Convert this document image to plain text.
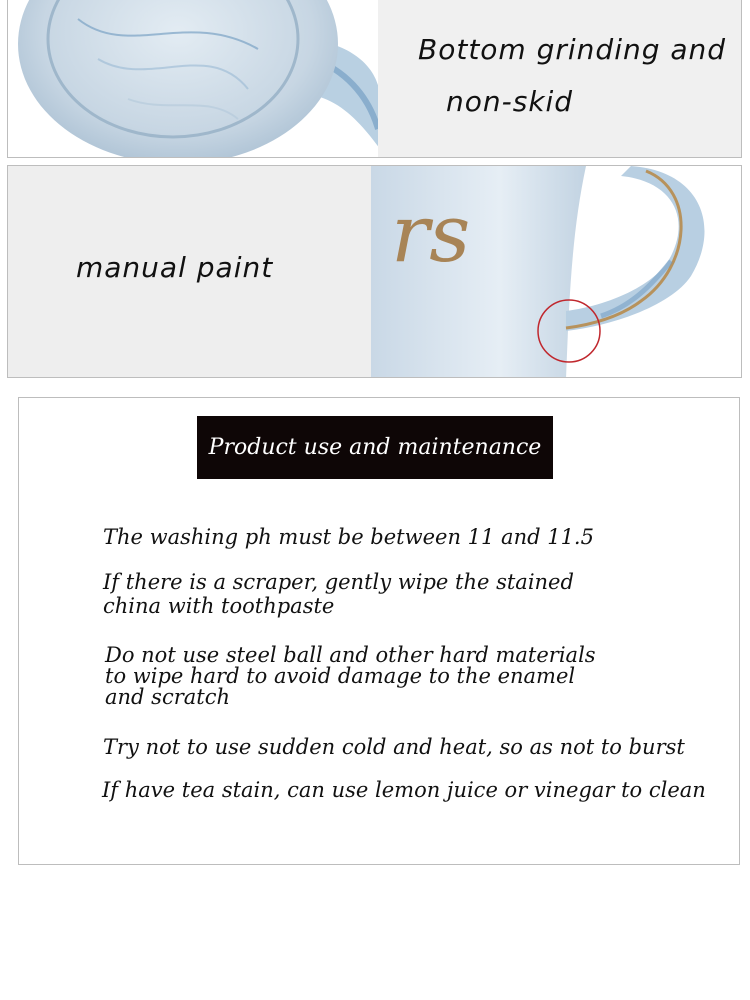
Bottom grinding and
non-skid
manual paint rs
Product use and maintenance
The washing ph must be between 11 and 11.5
If there is a scraper, gently wipe the stained
china with toothpaste
Do not use steel ball and other hard materials
to wipe hard to avoid damage to the enamel
and scratch
Try not to use sudden cold and heat, so as not to burst
If have tea stain, can use lemon juice or vinegar to clean
